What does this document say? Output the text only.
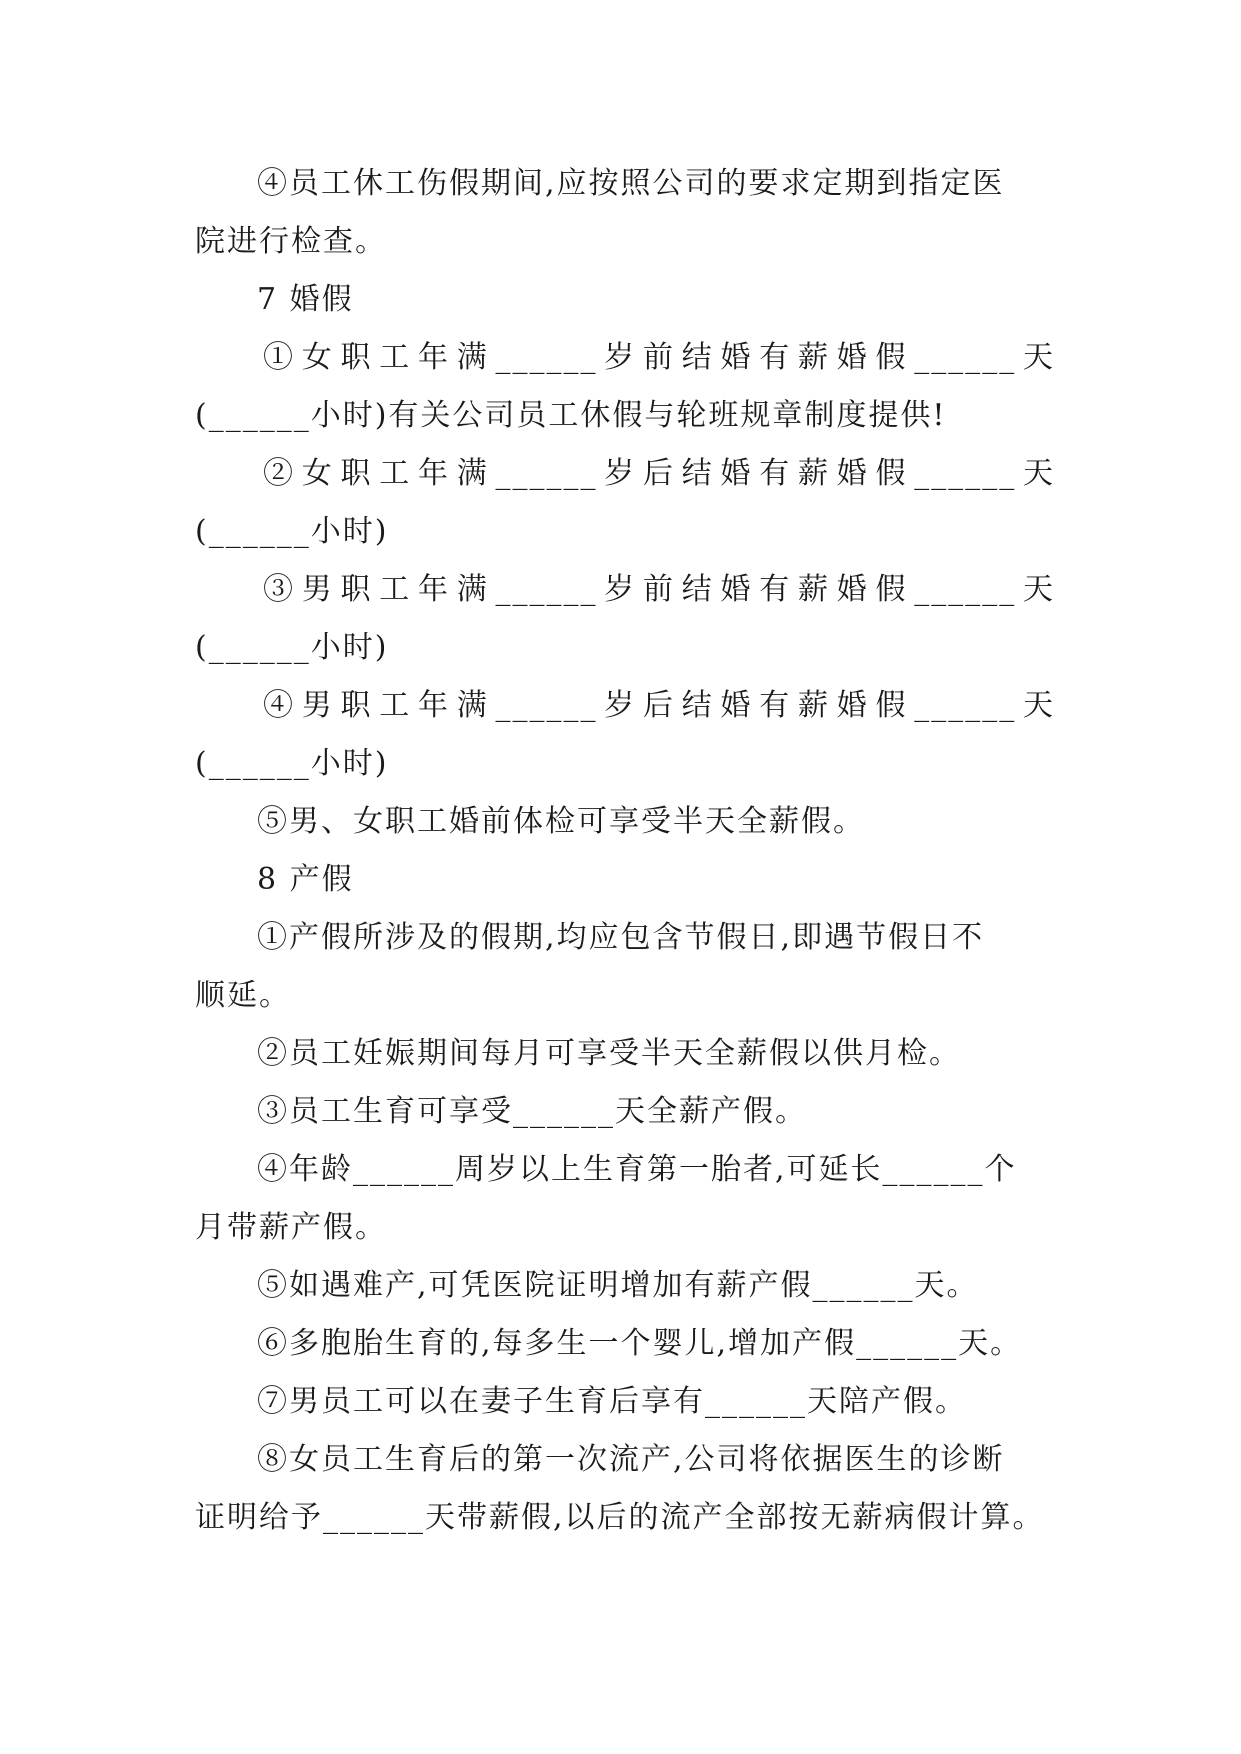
④员工休工伤假期间,应按照公司的要求定期到指定医
院进行检查。
7 婚假
①女职工年满______岁前结婚有薪婚假______天
(______小时)有关公司员工休假与轮班规章制度提供!
②女职工年满______岁后结婚有薪婚假______天
(______小时)
③男职工年满______岁前结婚有薪婚假______天
(______小时)
④男职工年满______岁后结婚有薪婚假______天
(______小时)
⑤男、女职工婚前体检可享受半天全薪假。
8 产假
①产假所涉及的假期,均应包含节假日,即遇节假日不
顺延。
②员工妊娠期间每月可享受半天全薪假以供月检。
③员工生育可享受______天全薪产假。
④年龄______周岁以上生育第一胎者,可延长______个
月带薪产假。
⑤如遇难产,可凭医院证明增加有薪产假______天。
⑥多胞胎生育的,每多生一个婴儿,增加产假______天。
⑦男员工可以在妻子生育后享有______天陪产假。
⑧女员工生育后的第一次流产,公司将依据医生的诊断
证明给予______天带薪假,以后的流产全部按无薪病假计算。
